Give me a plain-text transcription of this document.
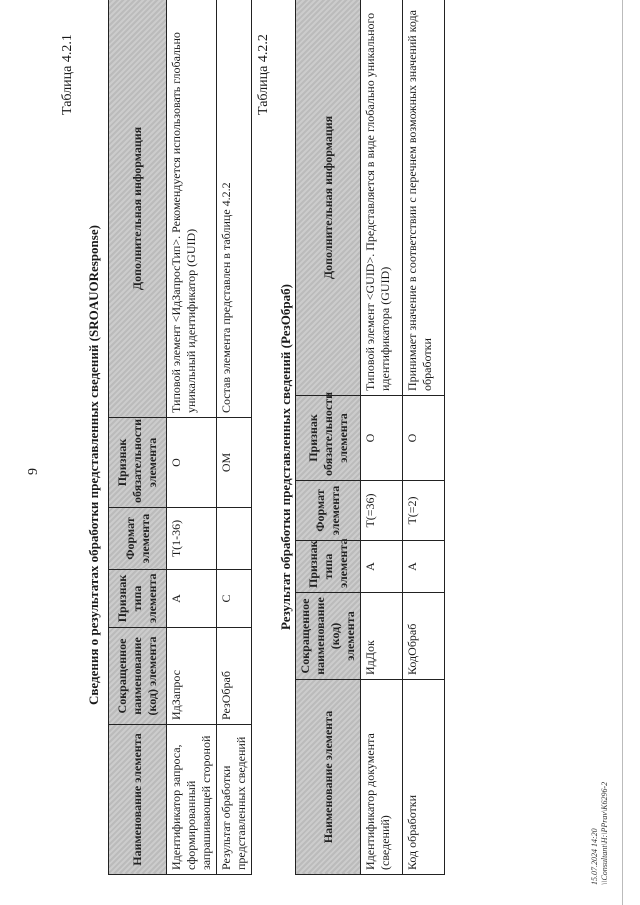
9
Таблица 4.2.1
Сведения о результатах обработки представленных сведений (SROAUOResponse)
Наименование элемента	Сокращенное наименование (код) элемента	Признак типа элемента	Формат элемента	Признак обязательности элемента	Дополнительная информация
Идентификатор запроса, сформированный запрашивающей стороной	ИдЗапрос	А	Т(1-36)	О	Типовой элемент <ИдЗапросТип>. Рекомендуется использовать глобально уникальный идентификатор (GUID)
Результат обработки представленных сведений	РезОбраб	С		ОМ	Состав элемента представлен в таблице 4.2.2
Таблица 4.2.2
Результат обработки представленных сведений (РезОбраб)
Наименование элемента	Сокращенное наименование (код) элемента	Признак типа элемента	Формат элемента	Признак обязательности элемента	Дополнительная информация
Идентификатор документа (сведений)	ИдДок	А	Т(=36)	О	Типовой элемент <GUID>. Представляется в виде глобально уникального идентификатора (GUID)
Код обработки	КодОбраб	А	Т(=2)	О	Принимает значение в соответствии с перечнем возможных значений кода обработки
15.07.2024 14:20 \\Consultant\H:\PPrav\K6296-2
